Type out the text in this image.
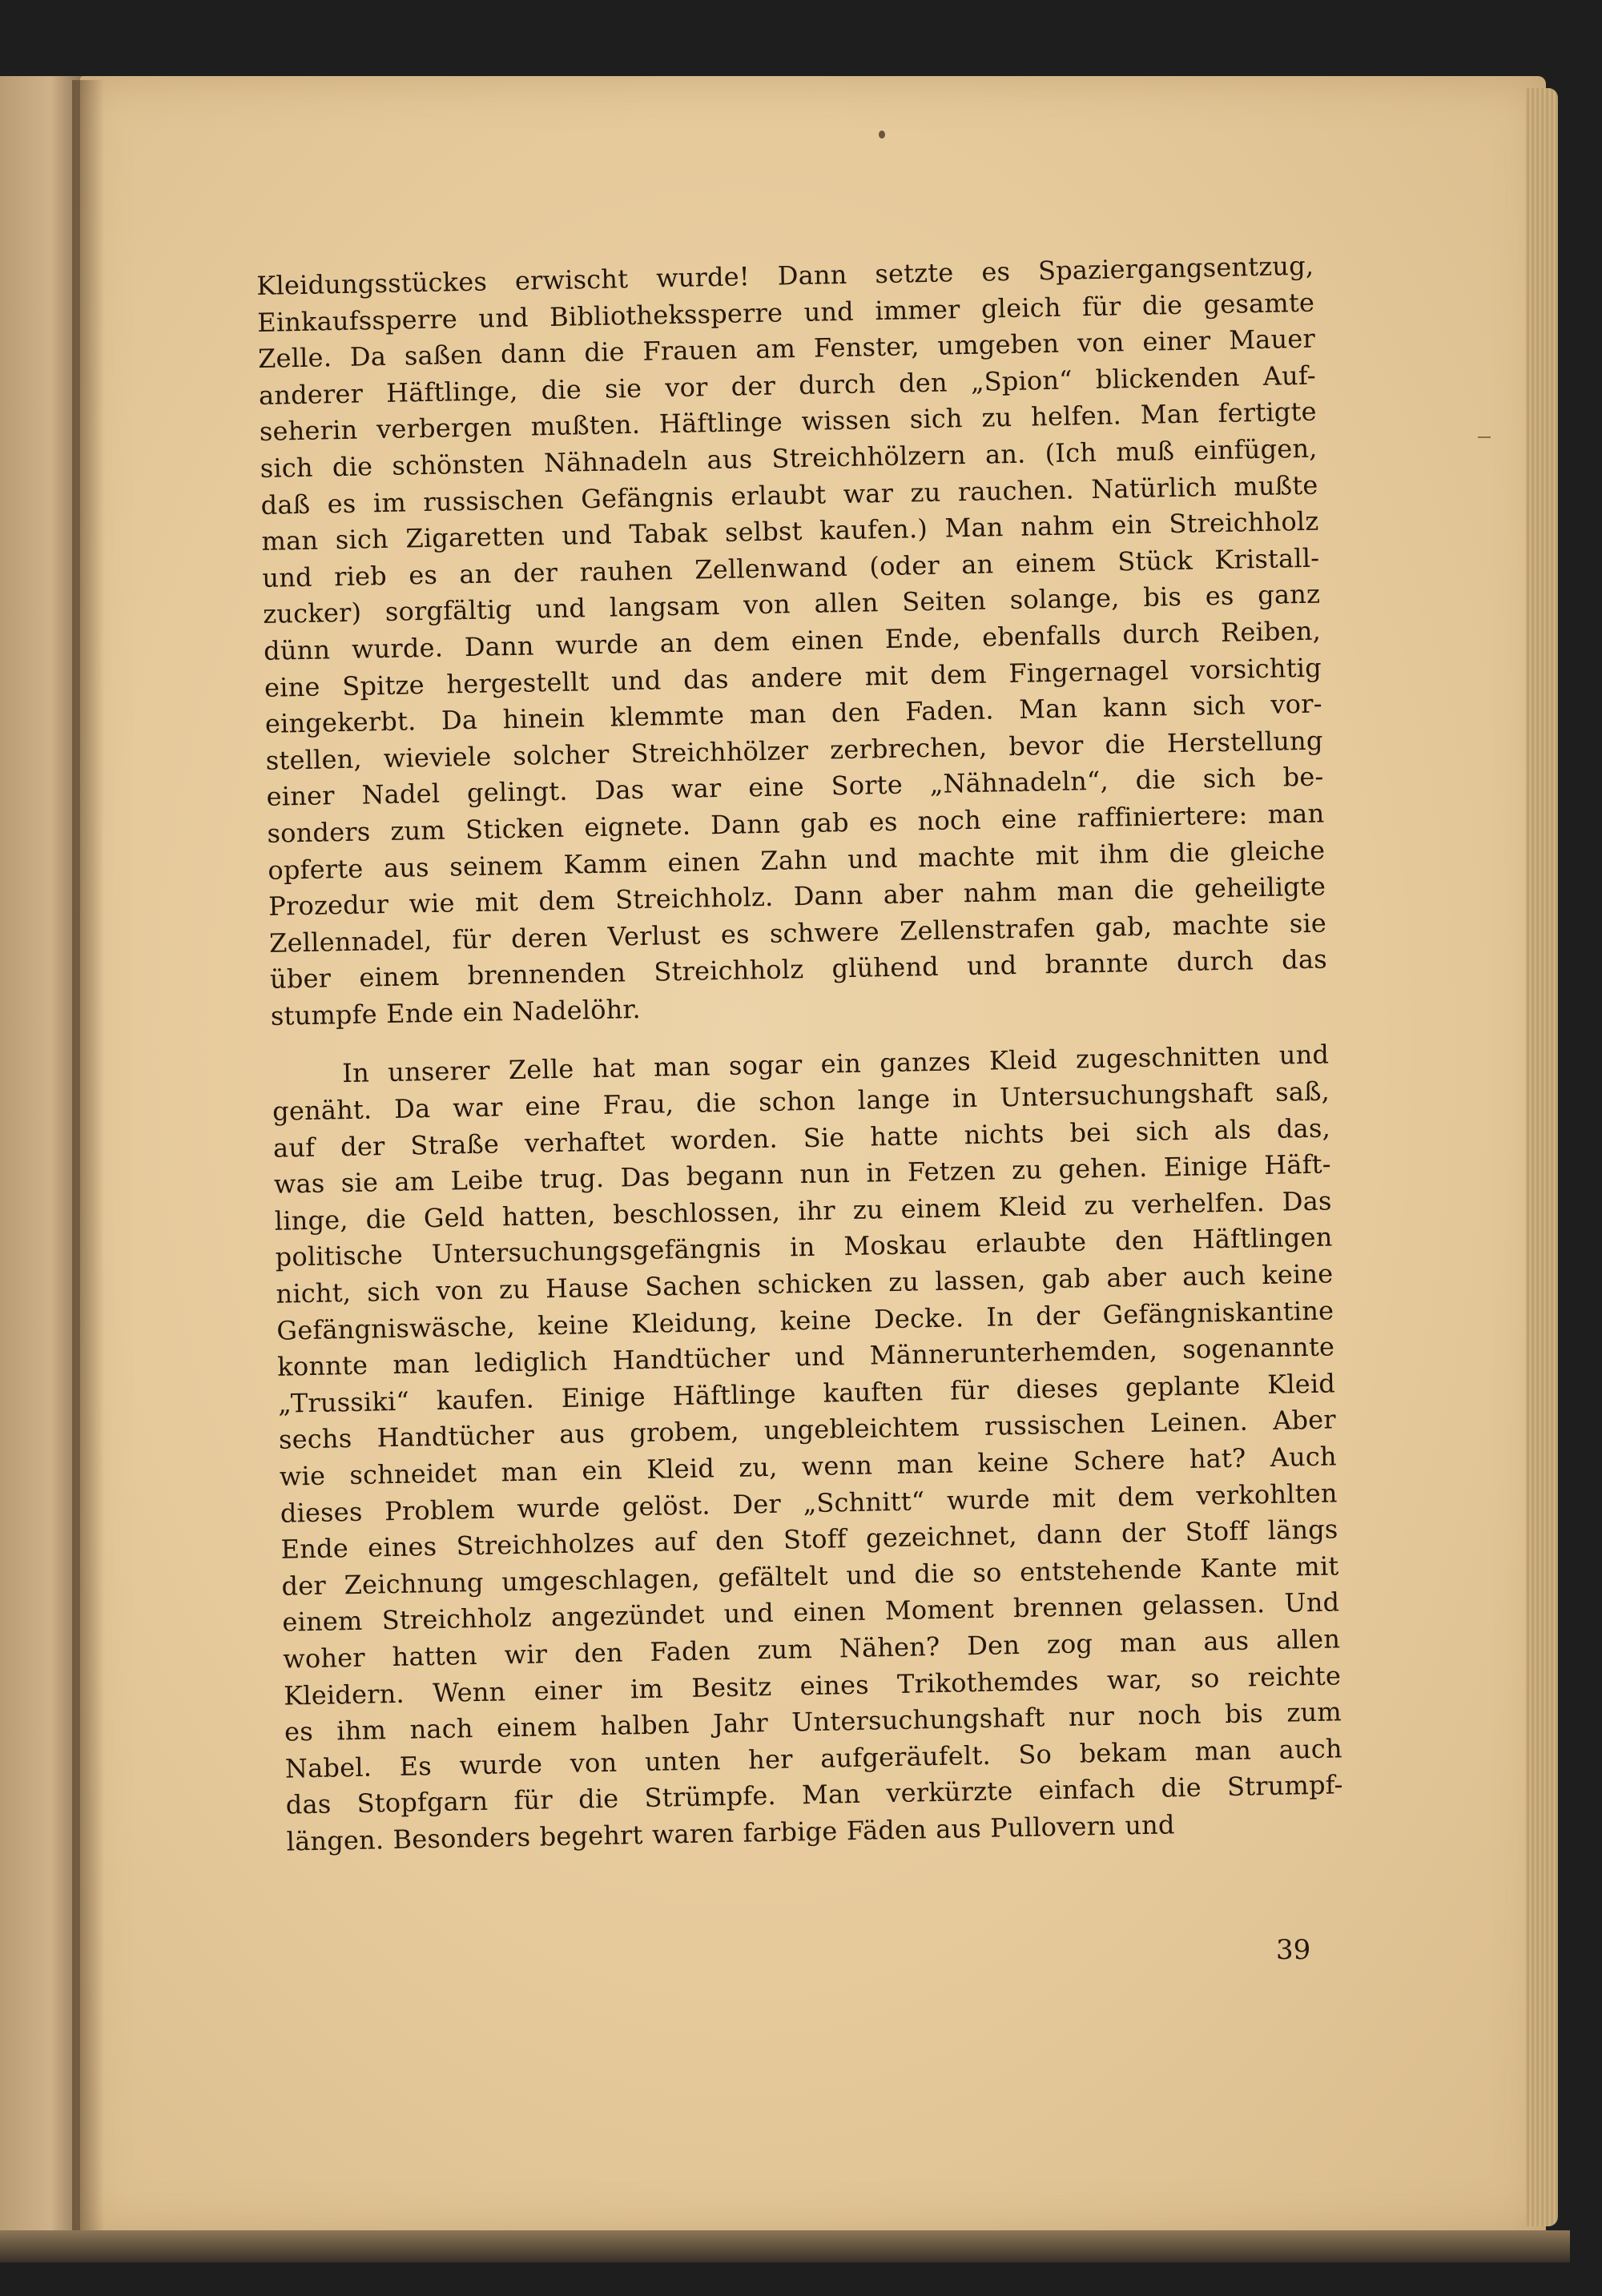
Kleidungsstückes erwischt wurde! Dann setzte es Spaziergangsentzug,
Einkaufssperre und Bibliothekssperre und immer gleich für die gesamte
Zelle. Da saßen dann die Frauen am Fenster, umgeben von einer Mauer
anderer Häftlinge, die sie vor der durch den „Spion“ blickenden Auf-
seherin verbergen mußten. Häftlinge wissen sich zu helfen. Man fertigte
sich die schönsten Nähnadeln aus Streichhölzern an. (Ich muß einfügen,
daß es im russischen Gefängnis erlaubt war zu rauchen. Natürlich mußte
man sich Zigaretten und Tabak selbst kaufen.) Man nahm ein Streichholz
und rieb es an der rauhen Zellenwand (oder an einem Stück Kristall-
zucker) sorgfältig und langsam von allen Seiten solange, bis es ganz
dünn wurde. Dann wurde an dem einen Ende, ebenfalls durch Reiben,
eine Spitze hergestellt und das andere mit dem Fingernagel vorsichtig
eingekerbt. Da hinein klemmte man den Faden. Man kann sich vor-
stellen, wieviele solcher Streichhölzer zerbrechen, bevor die Herstellung
einer Nadel gelingt. Das war eine Sorte „Nähnadeln“, die sich be-
sonders zum Sticken eignete. Dann gab es noch eine raffiniertere: man
opferte aus seinem Kamm einen Zahn und machte mit ihm die gleiche
Prozedur wie mit dem Streichholz. Dann aber nahm man die geheiligte
Zellennadel, für deren Verlust es schwere Zellenstrafen gab, machte sie
über einem brennenden Streichholz glühend und brannte durch das
stumpfe Ende ein Nadelöhr.

In unserer Zelle hat man sogar ein ganzes Kleid zugeschnitten und
genäht. Da war eine Frau, die schon lange in Untersuchungshaft saß,
auf der Straße verhaftet worden. Sie hatte nichts bei sich als das,
was sie am Leibe trug. Das begann nun in Fetzen zu gehen. Einige Häft-
linge, die Geld hatten, beschlossen, ihr zu einem Kleid zu verhelfen. Das
politische Untersuchungsgefängnis in Moskau erlaubte den Häftlingen
nicht, sich von zu Hause Sachen schicken zu lassen, gab aber auch keine
Gefängniswäsche, keine Kleidung, keine Decke. In der Gefängniskantine
konnte man lediglich Handtücher und Männerunterhemden, sogenannte
„Trussiki“ kaufen. Einige Häftlinge kauften für dieses geplante Kleid
sechs Handtücher aus grobem, ungebleichtem russischen Leinen. Aber
wie schneidet man ein Kleid zu, wenn man keine Schere hat? Auch
dieses Problem wurde gelöst. Der „Schnitt“ wurde mit dem verkohlten
Ende eines Streichholzes auf den Stoff gezeichnet, dann der Stoff längs
der Zeichnung umgeschlagen, gefältelt und die so entstehende Kante mit
einem Streichholz angezündet und einen Moment brennen gelassen. Und
woher hatten wir den Faden zum Nähen? Den zog man aus allen
Kleidern. Wenn einer im Besitz eines Trikothemdes war, so reichte
es ihm nach einem halben Jahr Untersuchungshaft nur noch bis zum
Nabel. Es wurde von unten her aufgeräufelt. So bekam man auch
das Stopfgarn für die Strümpfe. Man verkürzte einfach die Strumpf-
längen. Besonders begehrt waren farbige Fäden aus Pullovern und

39
